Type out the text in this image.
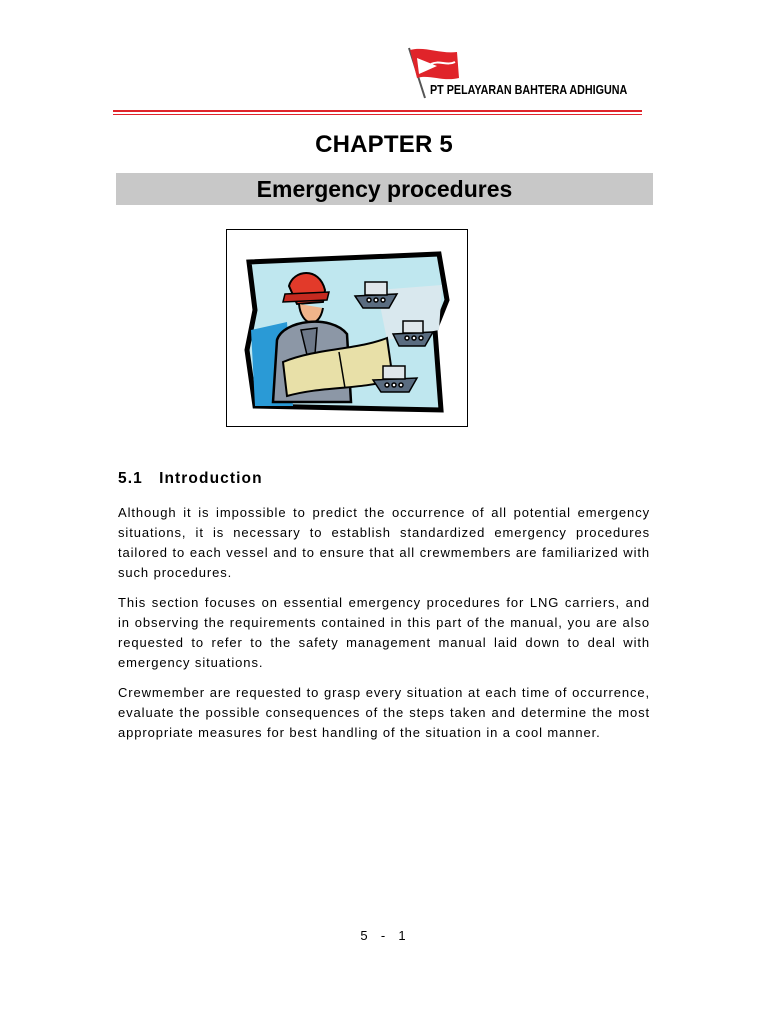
PT PELAYARAN BAHTERA ADHIGUNA
CHAPTER 5
Emergency procedures
5.1   Introduction

Although it is impossible to predict the occurrence of all potential emergency situations, it is necessary to establish standardized emergency procedures tailored to each vessel and to ensure that all crewmembers are familiarized with such procedures.

This section focuses on essential emergency procedures for LNG carriers, and in observing the requirements contained in this part of the manual, you are also requested to refer to the safety management manual laid down to deal with emergency situations.

Crewmember are requested to grasp every situation at each time of occurrence, evaluate the possible consequences of the steps taken and determine the most appropriate measures for best handling of the situation in a cool manner.

5  -  1
